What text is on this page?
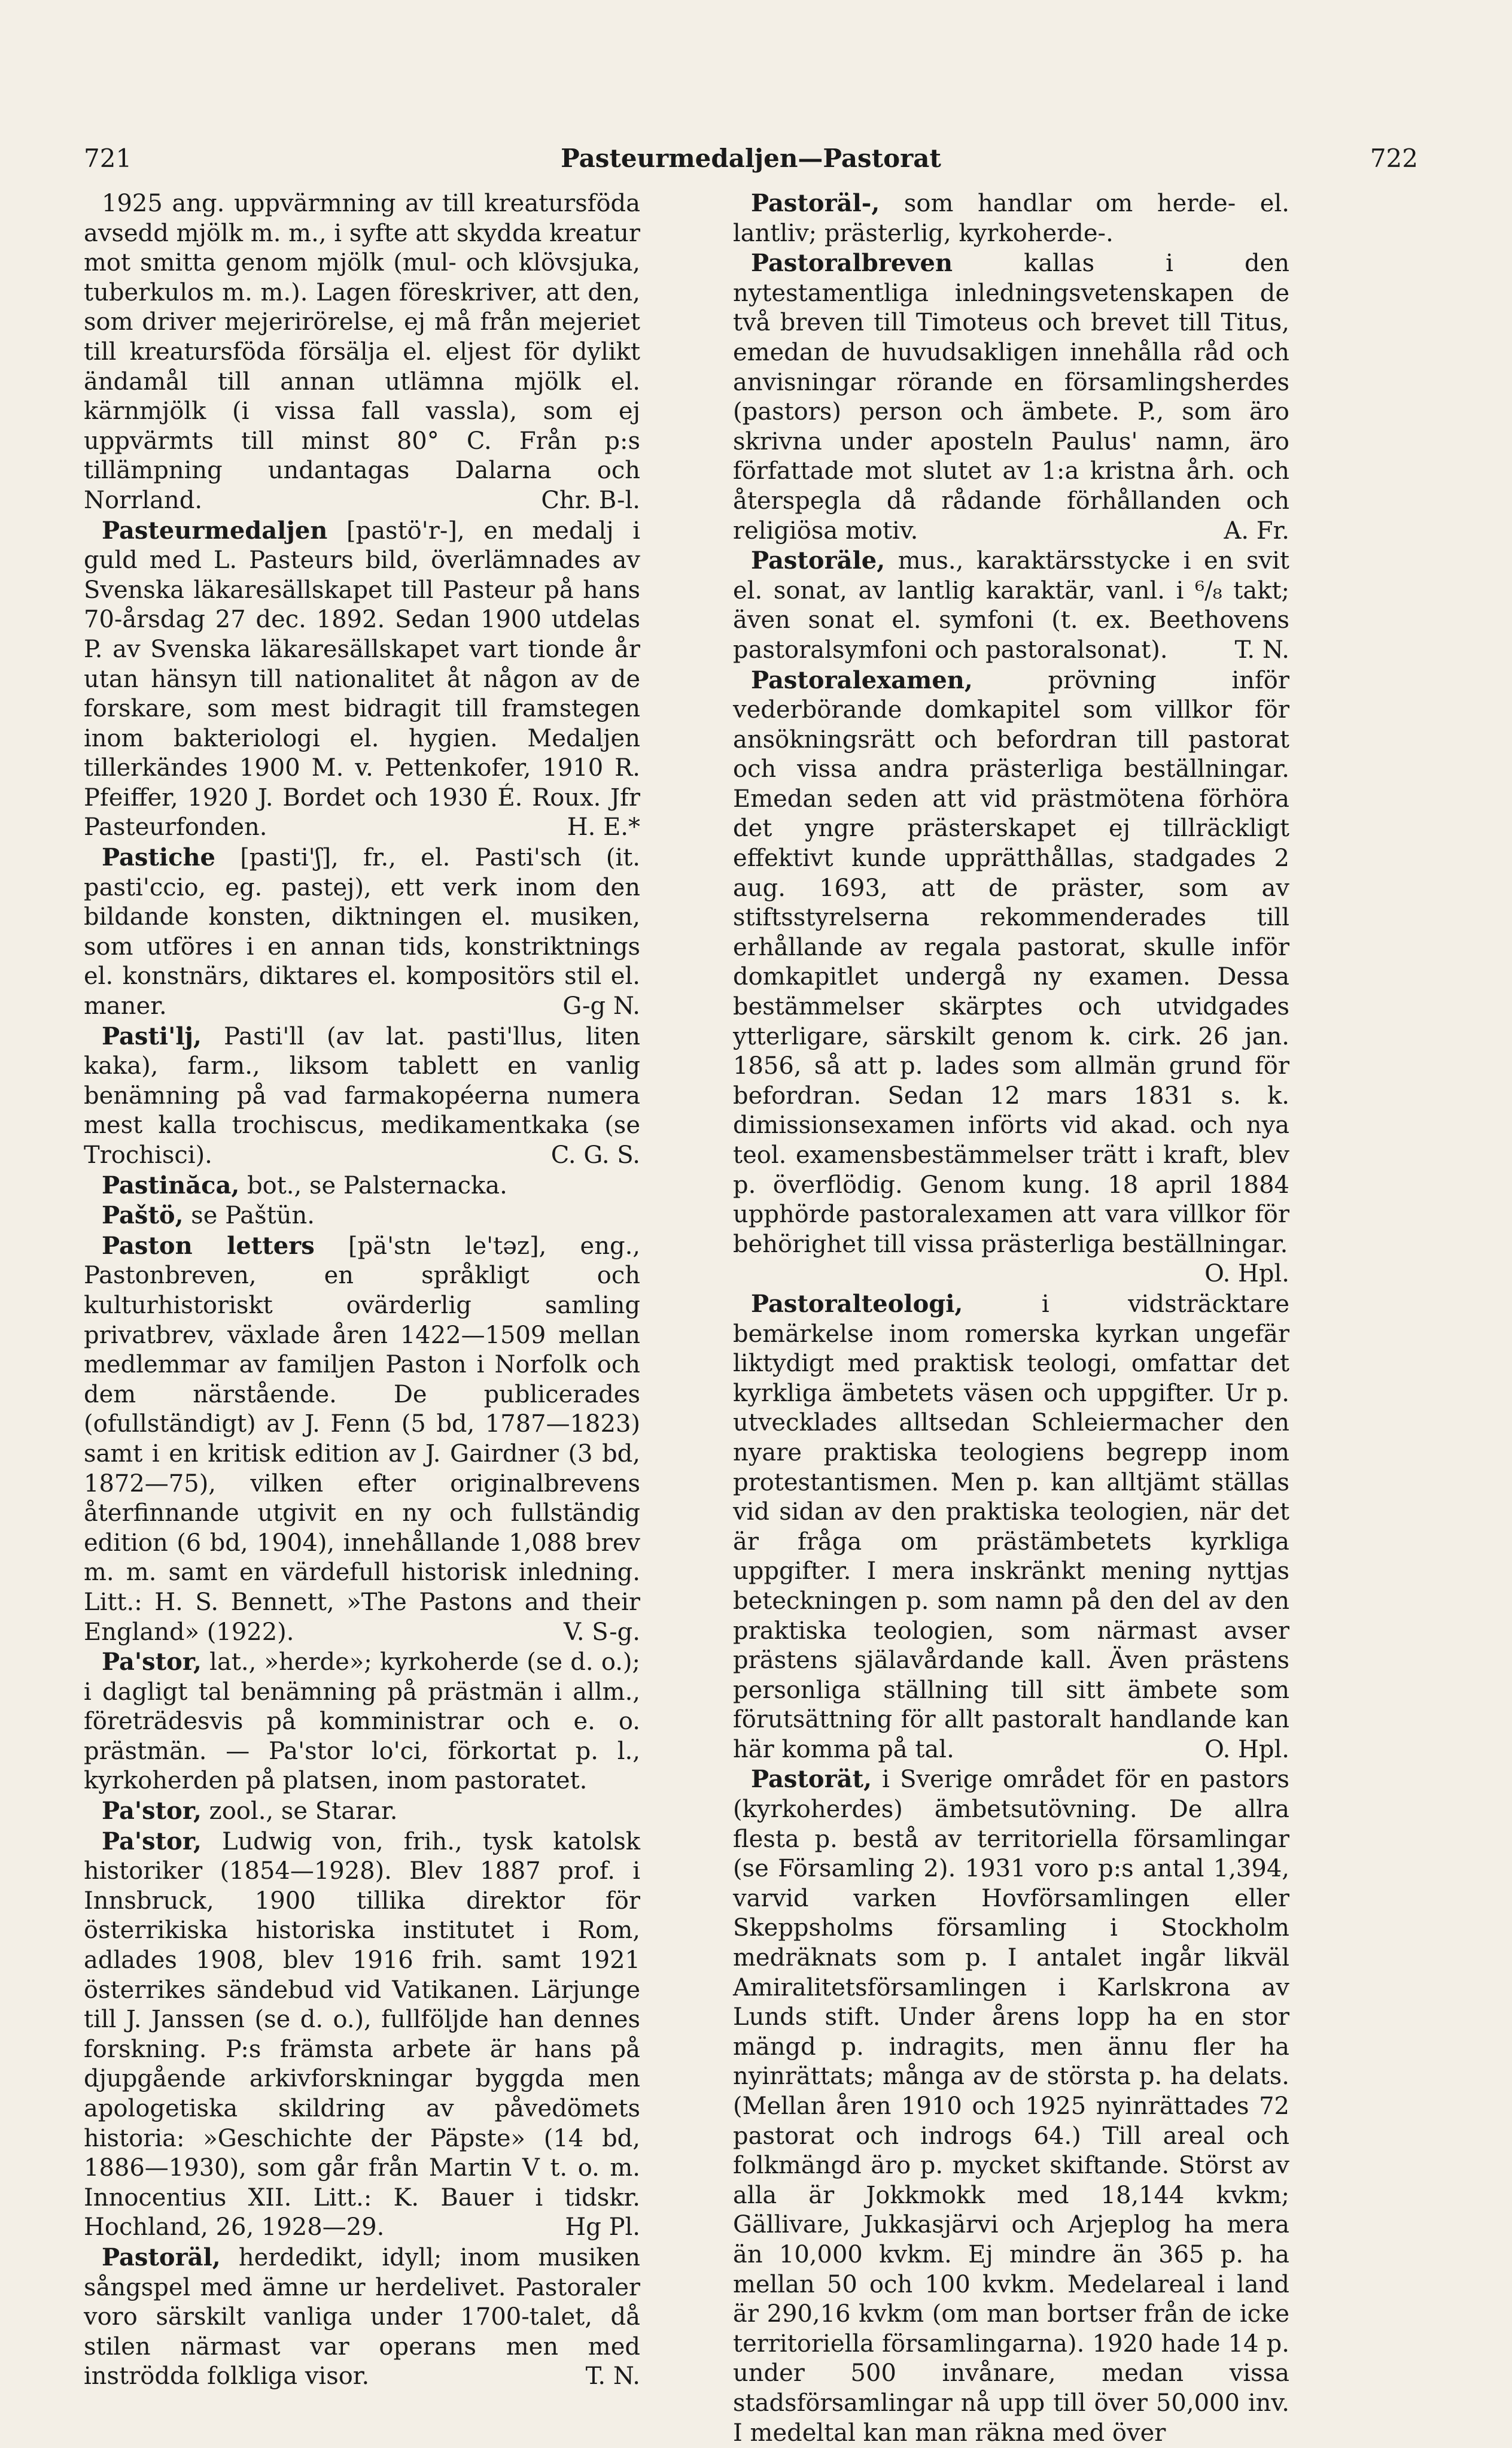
721	Pasteurmedaljen—Pastorat	722

1925 ang. uppvärmning av till kreatursföda avsedd mjölk m. m., i syfte att skydda kreatur mot smitta genom mjölk (mul- och klövsjuka, tuberkulos m. m.). Lagen föreskriver, att den, som driver mejerirörelse, ej må från mejeriet till kreatursföda försälja el. eljest för dylikt ändamål till annan utlämna mjölk el. kärnmjölk (i vissa fall vassla), som ej uppvärmts till minst 80° C. Från p:s tillämpning undantagas Dalarna och Norrland.	Chr. B-l.

Pasteurmedaljen [pastö'r-], en medalj i guld med L. Pasteurs bild, överlämnades av Svenska läkaresällskapet till Pasteur på hans 70-årsdag 27 dec. 1892. Sedan 1900 utdelas P. av Svenska läkaresällskapet vart tionde år utan hänsyn till nationalitet åt någon av de forskare, som mest bidragit till framstegen inom bakteriologi el. hygien. Medaljen tillerkändes 1900 M. v. Pettenkofer, 1910 R. Pfeiffer, 1920 J. Bordet och 1930 É. Roux. Jfr Pasteurfonden.	H. E.*

Pastiche [pasti'ʃ], fr., el. Pasti'sch (it. pasti'ccio, eg. pastej), ett verk inom den bildande konsten, diktningen el. musiken, som utföres i en annan tids, konstriktnings el. konstnärs, diktares el. kompositörs stil el. maner.	G-g N.

Pasti'lj, Pasti'll (av lat. pasti'llus, liten kaka), farm., liksom tablett en vanlig benämning på vad farmakopéerna numera mest kalla trochiscus, medikamentkaka (se Trochisci).	C. G. S.

Pastinăca, bot., se Palsternacka.

Paštö, se Paštün.

Paston letters [pä'stn le'təz], eng., Pastonbreven, en språkligt och kulturhistoriskt ovärderlig samling privatbrev, växlade åren 1422—1509 mellan medlemmar av familjen Paston i Norfolk och dem närstående. De publicerades (ofullständigt) av J. Fenn (5 bd, 1787—1823) samt i en kritisk edition av J. Gairdner (3 bd, 1872—75), vilken efter originalbrevens återfinnande utgivit en ny och fullständig edition (6 bd, 1904), innehållande 1,088 brev m. m. samt en värdefull historisk inledning. Litt.: H. S. Bennett, »The Pastons and their England» (1922).	V. S-g.

Pa'stor, lat., »herde»; kyrkoherde (se d. o.); i dagligt tal benämning på prästmän i allm., företrädesvis på komministrar och e. o. prästmän. — Pa'stor lo'ci, förkortat p. l., kyrkoherden på platsen, inom pastoratet.

Pa'stor, zool., se Starar.

Pa'stor, Ludwig von, frih., tysk katolsk historiker (1854—1928). Blev 1887 prof. i Innsbruck, 1900 tillika direktor för österrikiska historiska institutet i Rom, adlades 1908, blev 1916 frih. samt 1921 österrikes sändebud vid Vatikanen. Lärjunge till J. Janssen (se d. o.), fullföljde han dennes forskning. P:s främsta arbete är hans på djupgående arkivforskningar byggda men apologetiska skildring av påvedömets historia: »Geschichte der Päpste» (14 bd, 1886—1930), som går från Martin V t. o. m. Innocentius XII. Litt.: K. Bauer i tidskr. Hochland, 26, 1928—29.	Hg Pl.

Pastoräl, herdedikt, idyll; inom musiken sångspel med ämne ur herdelivet. Pastoraler voro särskilt vanliga under 1700-talet, då stilen närmast var operans men med inströdda folkliga visor.	T. N.

Pastoräl-, som handlar om herde- el. lantliv; prästerlig, kyrkoherde-.

Pastoralbreven	kallas i den nytestamentliga inledningsvetenskapen de två breven till Timoteus och brevet till Titus, emedan de huvudsakligen innehålla råd och anvisningar rörande en församlingsherdes (pastors) person och ämbete. P., som äro skrivna under aposteln Paulus' namn, äro författade mot slutet av 1:a kristna årh. och återspegla då rådande förhållanden och religiösa motiv.	A. Fr.

Pastoräle, mus., karaktärsstycke i en svit el. sonat, av lantlig karaktär, vanl. i ⁶/₈ takt; även sonat el. symfoni (t. ex. Beethovens pastoralsymfoni och pastoralsonat).	T. N.

Pastoralexamen,	prövning inför vederbörande domkapitel som villkor för ansökningsrätt och befordran till pastorat och vissa andra prästerliga beställningar. Emedan seden att vid prästmötena förhöra det yngre prästerskapet ej tillräckligt effektivt kunde upprätthållas, stadgades 2 aug. 1693, att de präster, som av stiftsstyrelserna rekommenderades till erhållande av regala pastorat, skulle inför domkapitlet undergå ny examen. Dessa bestämmelser skärptes och utvidgades ytterligare, särskilt genom k. cirk. 26 jan. 1856, så att p. lades som allmän grund för befordran. Sedan 12 mars 1831 s. k. dimissionsexamen införts vid akad. och nya teol. examensbestämmelser trätt i kraft, blev p. överflödig. Genom kung. 18 april 1884 upphörde pastoralexamen att vara villkor för behörighet till vissa prästerliga beställningar.
O. Hpl.

Pastoralteologi,	i vidsträcktare bemärkelse inom romerska kyrkan ungefär liktydigt med praktisk teologi, omfattar det kyrkliga ämbetets väsen och uppgifter. Ur p. utvecklades alltsedan Schleiermacher den nyare praktiska teologiens begrepp inom protestantismen. Men p. kan alltjämt ställas vid sidan av den praktiska teologien, när det är fråga om prästämbetets kyrkliga uppgifter. I mera inskränkt mening nyttjas beteckningen p. som namn på den del av den praktiska teologien, som närmast avser prästens själavårdande kall. Även prästens personliga ställning till sitt ämbete som förutsättning för allt pastoralt handlande kan här komma på tal.	O. Hpl.

Pastorät, i Sverige området för en pastors (kyrkoherdes) ämbetsutövning. De allra flesta p. bestå av territoriella församlingar (se Församling 2). 1931 voro p:s antal 1,394, varvid varken Hovförsamlingen eller Skeppsholms församling i Stockholm medräknats som p. I antalet ingår likväl Amiralitetsförsamlingen i Karlskrona av Lunds stift. Under årens lopp ha en stor mängd p. indragits, men ännu fler ha nyinrättats; många av de största p. ha delats. (Mellan åren 1910 och 1925 nyinrättades 72 pastorat och indrogs 64.) Till areal och folkmängd äro p. mycket skiftande. Störst av alla är Jokkmokk med 18,144 kvkm; Gällivare, Jukkasjärvi och Arjeplog ha mera än 10,000 kvkm. Ej mindre än 365 p. ha mellan 50 och 100 kvkm. Medelareal i land är 290,16 kvkm (om man bortser från de icke territoriella församlingarna). 1920 hade 14 p. under 500 invånare, medan vissa stadsförsamlingar nå upp till över 50,000 inv. I medeltal kan man räkna med över
